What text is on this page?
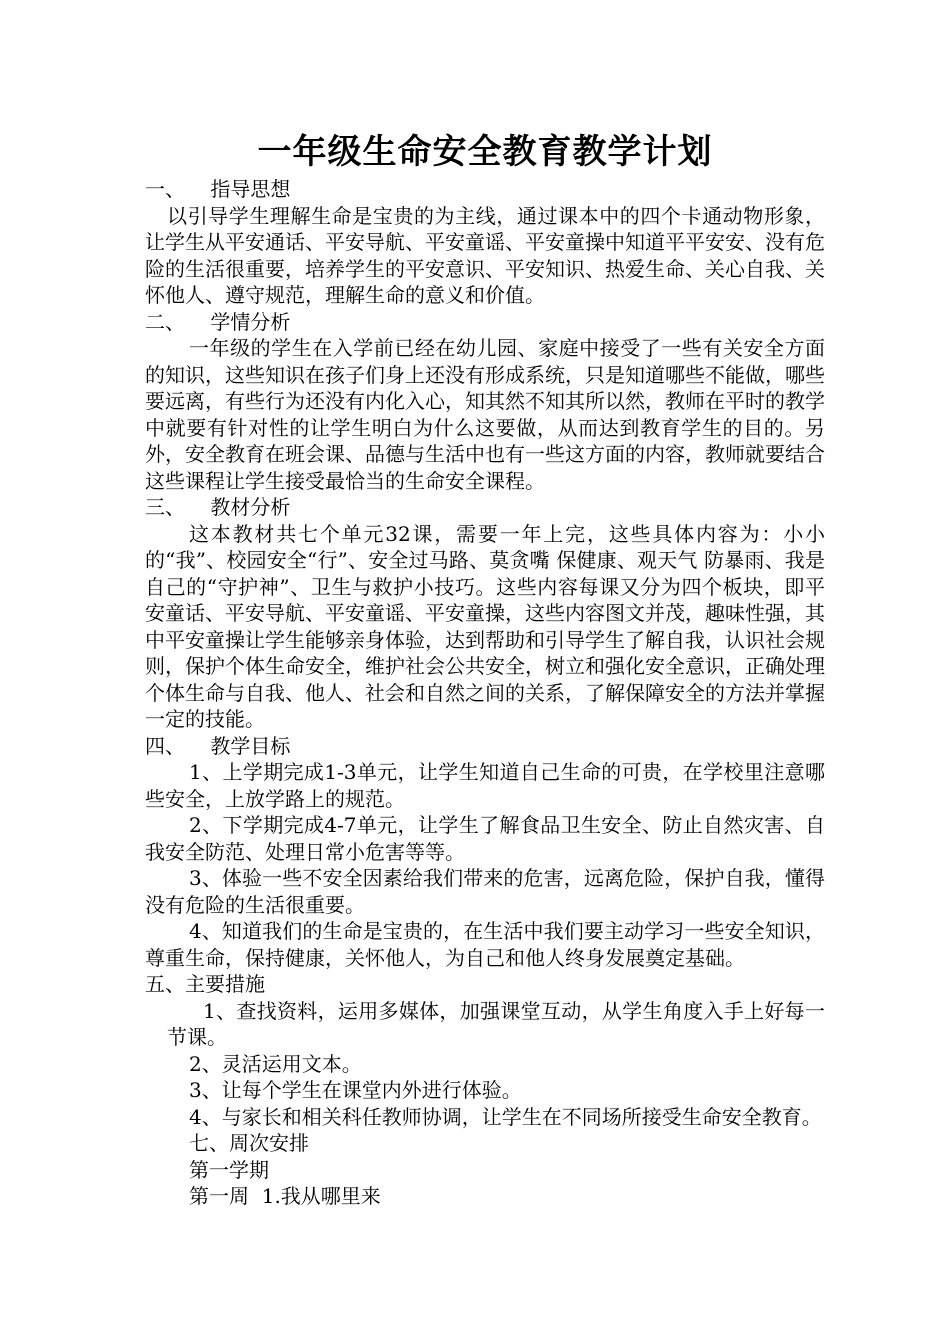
一年级生命安全教育教学计划
一、    指导思想
以引导学生理解生命是宝贵的为主线，通过课本中的四个卡通动物形象，让学生从平安通话、平安导航、平安童谣、平安童操中知道平平安安、没有危险的生活很重要，培养学生的平安意识、平安知识、热爱生命、关心自我、关怀他人、遵守规范，理解生命的意义和价值。
二、    学情分析
一年级的学生在入学前已经在幼儿园、家庭中接受了一些有关安全方面的知识，这些知识在孩子们身上还没有形成系统，只是知道哪些不能做，哪些要远离，有些行为还没有内化入心，知其然不知其所以然，教师在平时的教学中就要有针对性的让学生明白为什么这要做，从而达到教育学生的目的。另外，安全教育在班会课、品德与生活中也有一些这方面的内容，教师就要结合这些课程让学生接受最恰当的生命安全课程。
三、    教材分析
这本教材共七个单元32课，需要一年上完，这些具体内容为：小小的“我”、校园安全“行”、安全过马路、莫贪嘴 保健康、观天气 防暴雨、我是自己的“守护神”、卫生与救护小技巧。这些内容每课又分为四个板块，即平安童话、平安导航、平安童谣、平安童操，这些内容图文并茂，趣味性强，其中平安童操让学生能够亲身体验，达到帮助和引导学生了解自我，认识社会规则，保护个体生命安全，维护社会公共安全，树立和强化安全意识，正确处理个体生命与自我、他人、社会和自然之间的关系，了解保障安全的方法并掌握一定的技能。
四、    教学目标
1、上学期完成1-3单元，让学生知道自己生命的可贵，在学校里注意哪些安全，上放学路上的规范。
2、下学期完成4-7单元，让学生了解食品卫生安全、防止自然灾害、自我安全防范、处理日常小危害等等。
3、体验一些不安全因素给我们带来的危害，远离危险，保护自我，懂得没有危险的生活很重要。
4、知道我们的生命是宝贵的，在生活中我们要主动学习一些安全知识，尊重生命，保持健康，关怀他人，为自己和他人终身发展奠定基础。
五、主要措施
1、查找资料，运用多媒体，加强课堂互动，从学生角度入手上好每一节课。
2、灵活运用文本。
3、让每个学生在课堂内外进行体验。
4、与家长和相关科任教师协调，让学生在不同场所接受生命安全教育。
七、周次安排
第一学期
第一周  1.我从哪里来
